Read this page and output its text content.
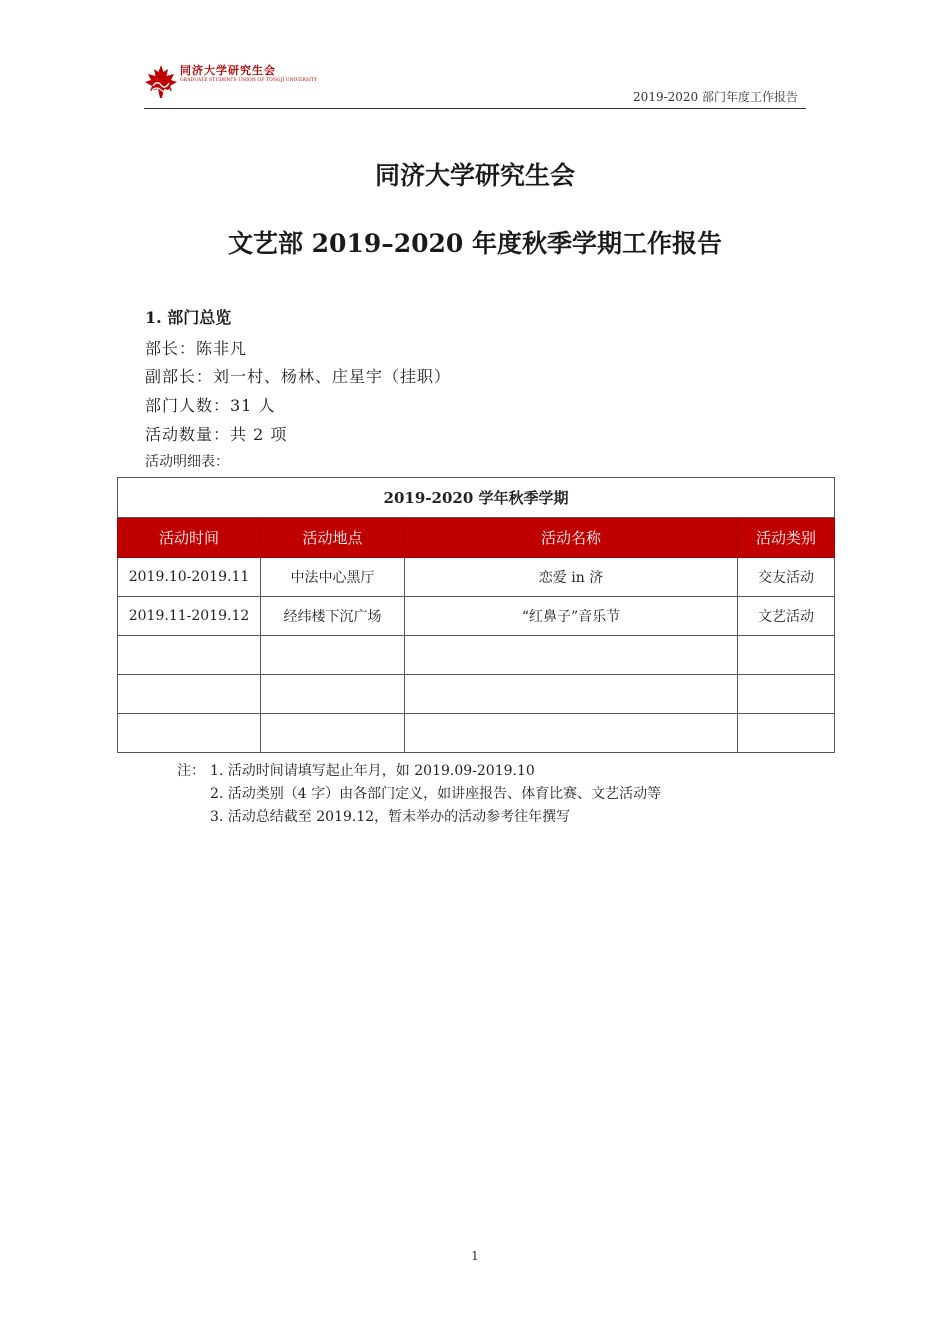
同济大学研究生会
GRADUATE STUDENTS UNION OF TONGJI UNIVERSITY
2019-2020 部门年度工作报告
同济大学研究生会
文艺部 2019–2020 年度秋季学期工作报告
1. 部门总览
部长：陈非凡
副部长：刘一村、杨林、庄星宇（挂职）
部门人数：31 人
活动数量：共 2 项
活动明细表：
2019-2020 学年秋季学期			
活动时间	活动地点	活动名称	活动类别
2019.10-2019.11	中法中心黑厅	恋爱 in 济	交友活动
2019.11-2019.12	经纬楼下沉广场	“红鼻子”音乐节	文艺活动

注： 1. 活动时间请填写起止年月，如 2019.09-2019.10
2. 活动类别（4 字）由各部门定义，如讲座报告、体育比赛、文艺活动等
3. 活动总结截至 2019.12，暂未举办的活动参考往年撰写
1
